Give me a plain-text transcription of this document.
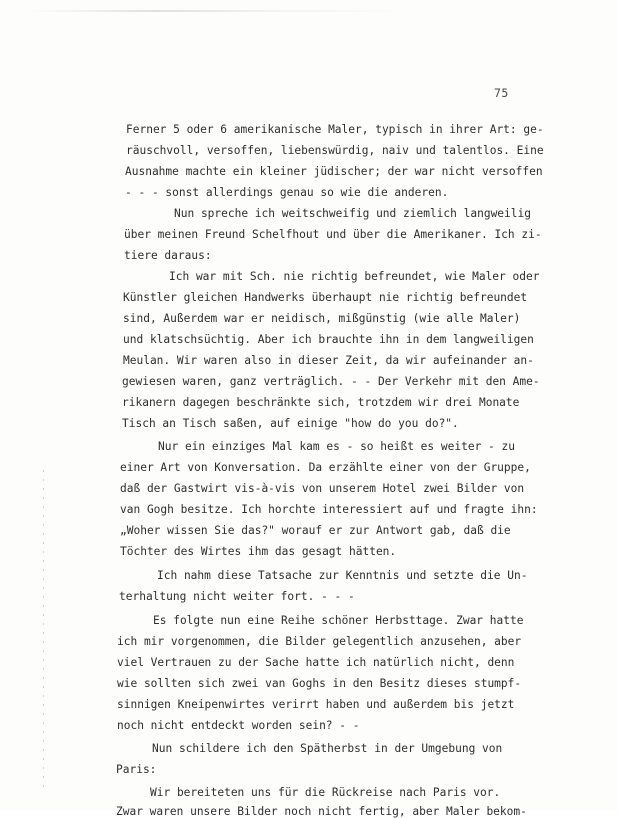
75
Ferner 5 oder 6 amerikanische Maler, typisch in ihrer Art: ge-
räuschvoll, versoffen, liebenswürdig, naiv und talentlos. Eine
Ausnahme machte ein kleiner jüdischer; der war nicht versoffen
- - - sonst allerdings genau so wie die anderen.
Nun spreche ich weitschweifig und ziemlich langweilig
über meinen Freund Schelfhout und über die Amerikaner. Ich zi-
tiere daraus:
Ich war mit Sch. nie richtig befreundet, wie Maler oder
Künstler gleichen Handwerks überhaupt nie richtig befreundet
sind, Außerdem war er neidisch, mißgünstig (wie alle Maler)
und klatschsüchtig. Aber ich brauchte ihn in dem langweiligen
Meulan. Wir waren also in dieser Zeit, da wir aufeinander an-
gewiesen waren, ganz verträglich. - - Der Verkehr mit den Ame-
rikanern dagegen beschränkte sich, trotzdem wir drei Monate
Tisch an Tisch saßen, auf einige "how do you do?".
Nur ein einziges Mal kam es - so heißt es weiter - zu
einer Art von Konversation. Da erzählte einer von der Gruppe,
daß der Gastwirt vis-à-vis von unserem Hotel zwei Bilder von
van Gogh besitze. Ich horchte interessiert auf und fragte ihn:
„Woher wissen Sie das?" worauf er zur Antwort gab, daß die
Töchter des Wirtes ihm das gesagt hätten.
Ich nahm diese Tatsache zur Kenntnis und setzte die Un-
terhaltung nicht weiter fort. - - -
Es folgte nun eine Reihe schöner Herbsttage. Zwar hatte
ich mir vorgenommen, die Bilder gelegentlich anzusehen, aber
viel Vertrauen zu der Sache hatte ich natürlich nicht, denn
wie sollten sich zwei van Goghs in den Besitz dieses stumpf-
sinnigen Kneipenwirtes verirrt haben und außerdem bis jetzt
noch nicht entdeckt worden sein? - -
Nun schildere ich den Spätherbst in der Umgebung von
Paris:
Wir bereiteten uns für die Rückreise nach Paris vor.
Zwar waren unsere Bilder noch nicht fertig, aber Maler bekom-
